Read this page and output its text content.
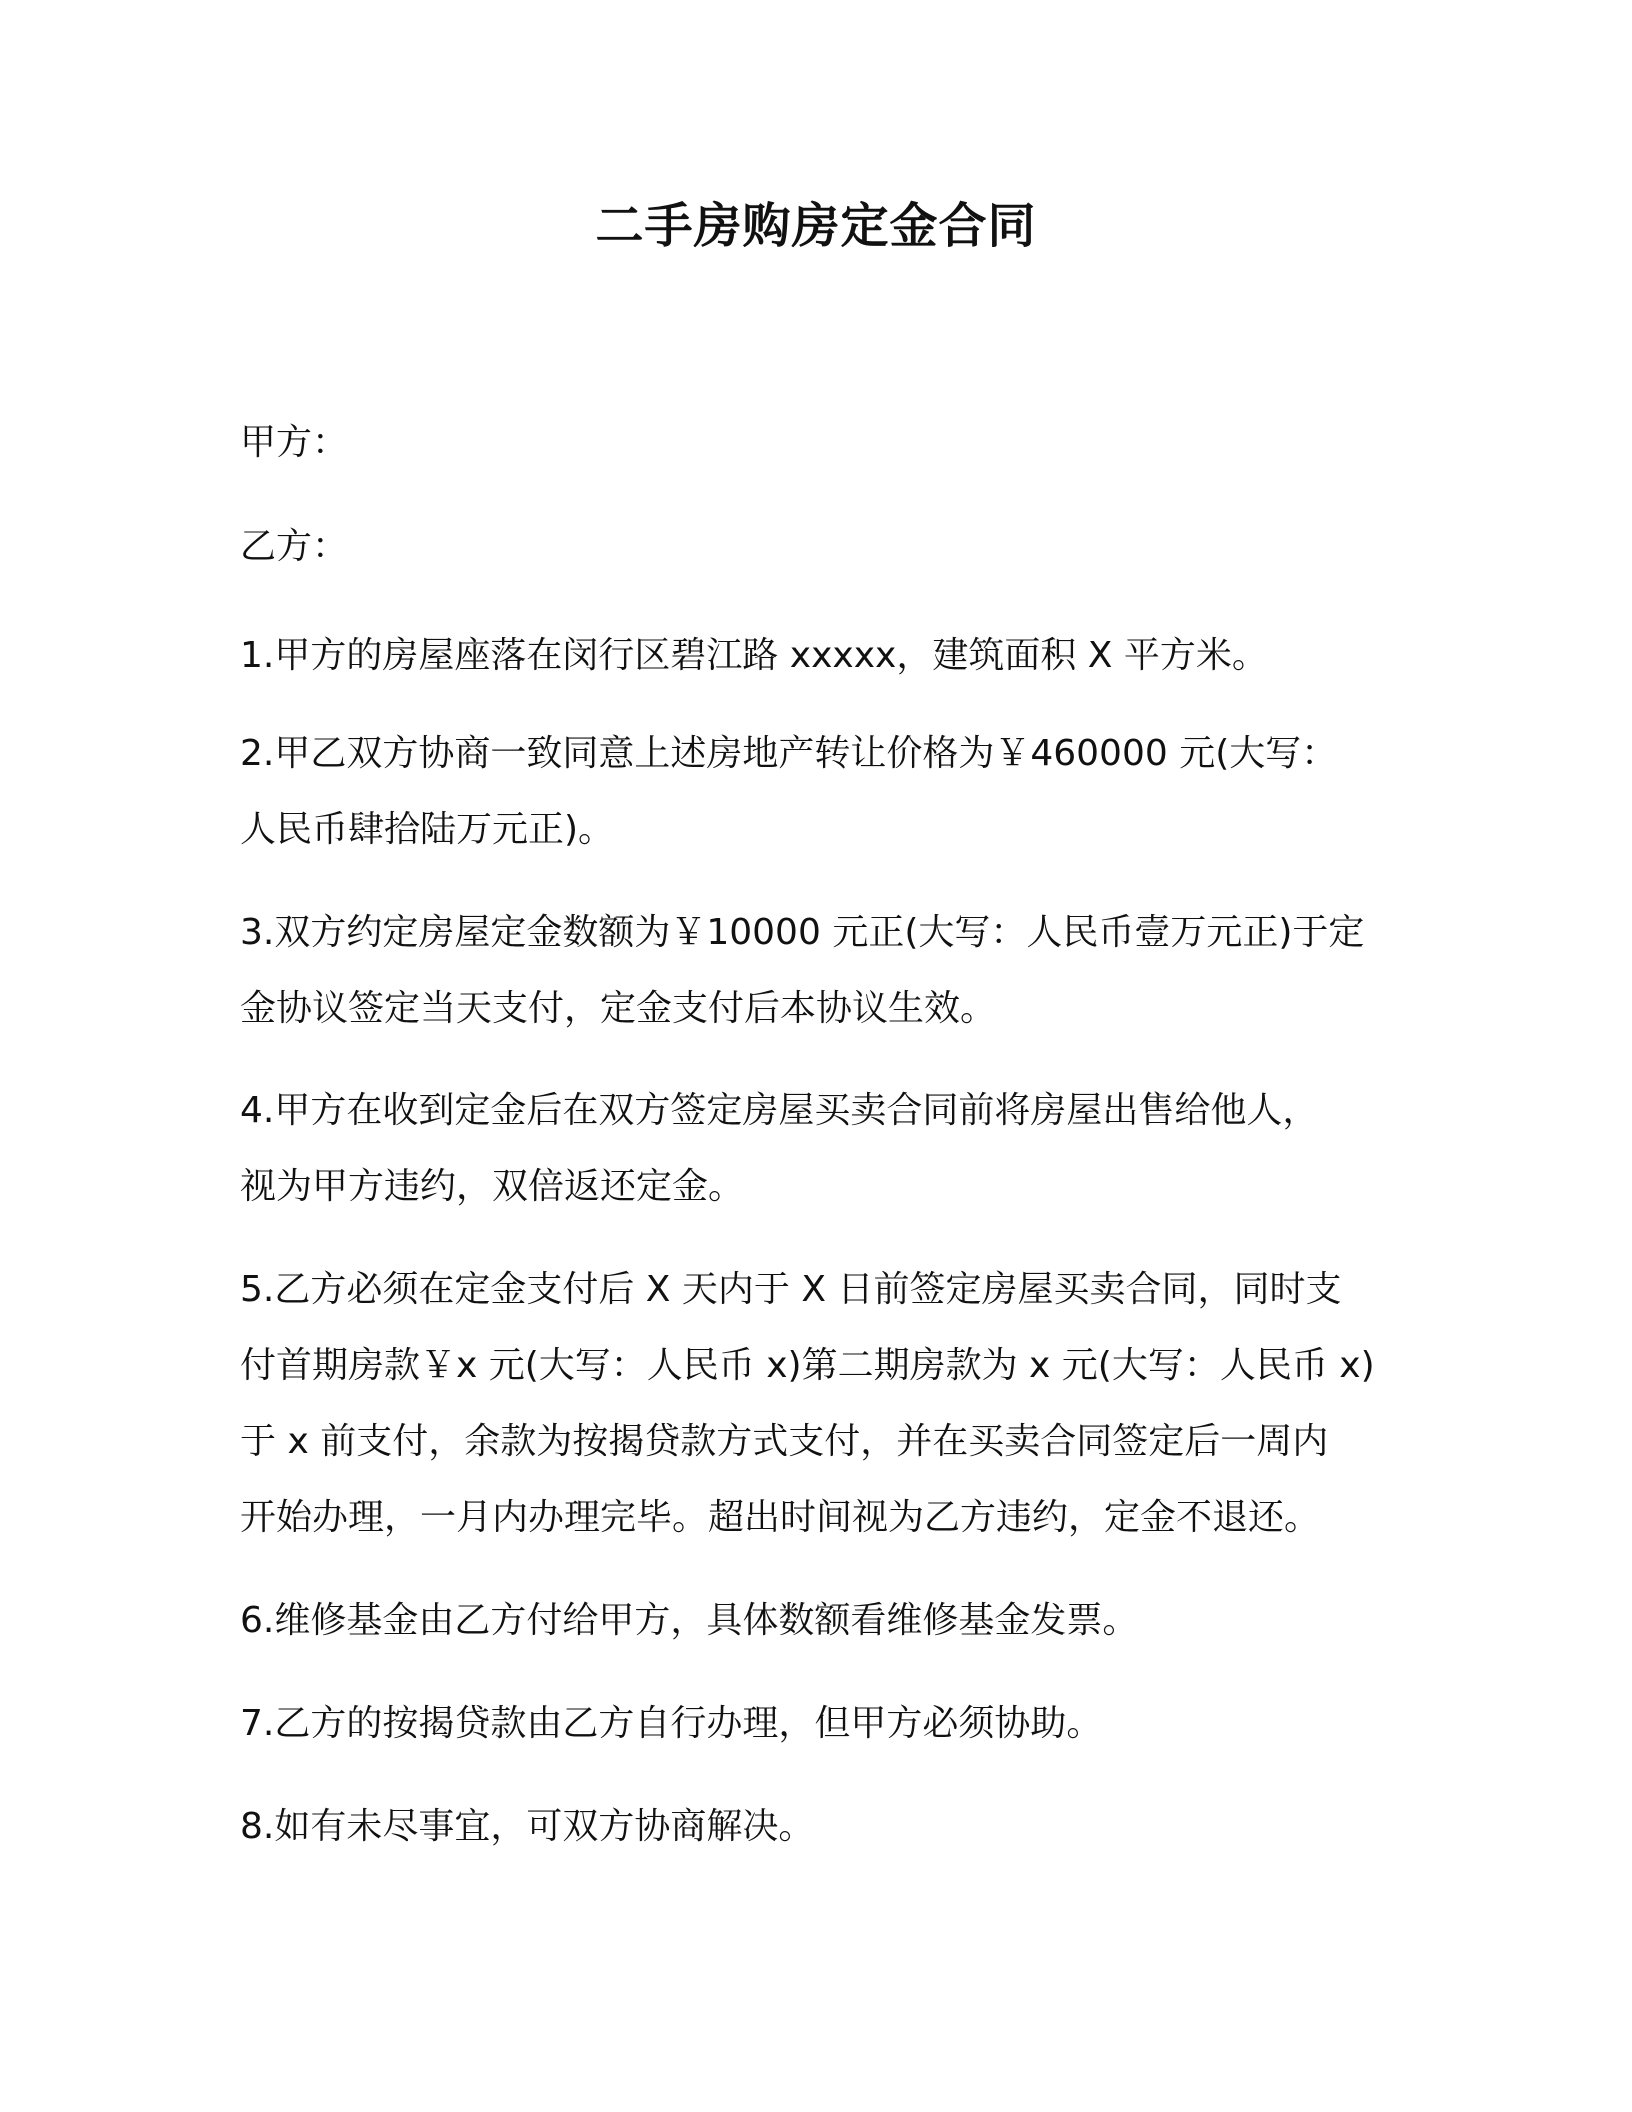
二手房购房定金合同

甲方：

乙方：

1.甲方的房屋座落在闵行区碧江路 xxxxx，建筑面积 X 平方米。

2.甲乙双方协商一致同意上述房地产转让价格为￥460000 元(大写：

人民币肆拾陆万元正)。

3.双方约定房屋定金数额为￥10000 元正(大写：人民币壹万元正)于定

金协议签定当天支付，定金支付后本协议生效。

4.甲方在收到定金后在双方签定房屋买卖合同前将房屋出售给他人，

视为甲方违约，双倍返还定金。

5.乙方必须在定金支付后 X 天内于 X 日前签定房屋买卖合同，同时支

付首期房款￥x 元(大写：人民币 x)第二期房款为 x 元(大写：人民币 x)

于 x 前支付，余款为按揭贷款方式支付，并在买卖合同签定后一周内

开始办理，一月内办理完毕。超出时间视为乙方违约，定金不退还。

6.维修基金由乙方付给甲方，具体数额看维修基金发票。

7.乙方的按揭贷款由乙方自行办理，但甲方必须协助。

8.如有未尽事宜，可双方协商解决。
